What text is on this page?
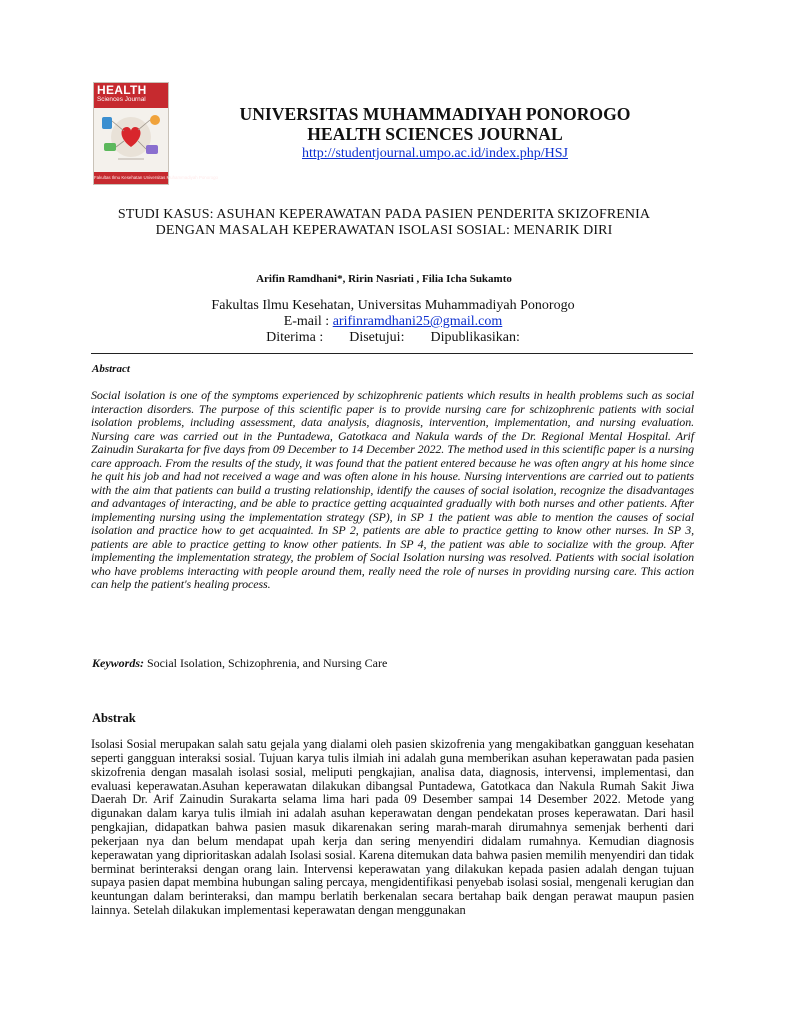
HEALTH
Sciences Journal
Fakultas Ilmu Kesehatan Universitas Muhammadiyah Ponorogo
UNIVERSITAS MUHAMMADIYAH PONOROGO
HEALTH SCIENCES JOURNAL
http://studentjournal.umpo.ac.id/index.php/HSJ
STUDI KASUS: ASUHAN KEPERAWATAN PADA PASIEN PENDERITA SKIZOFRENIA
DENGAN MASALAH KEPERAWATAN ISOLASI SOSIAL: MENARIK DIRI
Arifin Ramdhani*, Ririn Nasriati , Filia Icha Sukamto
Fakultas Ilmu Kesehatan, Universitas Muhammadiyah Ponorogo
E-mail : arifinramdhani25@gmail.com
Diterima : Disetujui: Dipublikasikan:
Abstract
Social isolation is one of the symptoms experienced by schizophrenic patients which results in health problems such as social interaction disorders. The purpose of this scientific paper is to provide nursing care for schizophrenic patients with social isolation problems, including assessment, data analysis, diagnosis, intervention, implementation, and nursing evaluation. Nursing care was carried out in the Puntadewa, Gatotkaca and Nakula wards of the Dr. Regional Mental Hospital. Arif Zainudin Surakarta for five days from 09 December to 14 December 2022. The method used in this scientific paper is a nursing care approach. From the results of the study, it was found that the patient entered because he was often angry at his home since he quit his job and had not received a wage and was often alone in his house. Nursing interventions are carried out to patients with the aim that patients can build a trusting relationship, identify the causes of social isolation, recognize the disadvantages and advantages of interacting, and be able to practice getting acquainted gradually with both nurses and other patients. After implementing nursing using the implementation strategy (SP), in SP 1 the patient was able to mention the causes of social isolation and practice how to get acquainted. In SP 2, patients are able to practice getting to know other nurses. In SP 3, patients are able to practice getting to know other patients. In SP 4, the patient was able to socialize with the group. After implementing the implementation strategy, the problem of Social Isolation nursing was resolved. Patients with social isolation who have problems interacting with people around them, really need the role of nurses in providing nursing care. This action can help the patient's healing process.
Keywords: Social Isolation, Schizophrenia, and Nursing Care
Abstrak
Isolasi Sosial merupakan salah satu gejala yang dialami oleh pasien skizofrenia yang mengakibatkan gangguan kesehatan seperti gangguan interaksi sosial. Tujuan karya tulis ilmiah ini adalah guna memberikan asuhan keperawatan pada pasien skizofrenia dengan masalah isolasi sosial, meliputi pengkajian, analisa data, diagnosis, intervensi, implementasi, dan evaluasi keperawatan.Asuhan keperawatan dilakukan dibangsal Puntadewa, Gatotkaca dan Nakula Rumah Sakit Jiwa Daerah Dr. Arif Zainudin Surakarta selama lima hari pada 09 Desember sampai 14 Desember 2022. Metode yang digunakan dalam karya tulis ilmiah ini adalah asuhan keperawatan dengan pendekatan proses keperawatan. Dari hasil pengkajian, didapatkan bahwa pasien masuk dikarenakan sering marah-marah dirumahnya semenjak berhenti dari pekerjaan nya dan belum mendapat upah kerja dan sering menyendiri didalam rumahnya. Kemudian diagnosis keperawatan yang diprioritaskan adalah Isolasi sosial. Karena ditemukan data bahwa pasien memilih menyendiri dan tidak berminat berinteraksi dengan orang lain. Intervensi keperawatan yang dilakukan kepada pasien adalah dengan tujuan supaya pasien dapat membina hubungan saling percaya, mengidentifikasi penyebab isolasi sosial, mengenali kerugian dan keuntungan dalam berinteraksi, dan mampu berlatih berkenalan secara bertahap baik dengan perawat maupun pasien lainnya. Setelah dilakukan implementasi keperawatan dengan menggunakan
